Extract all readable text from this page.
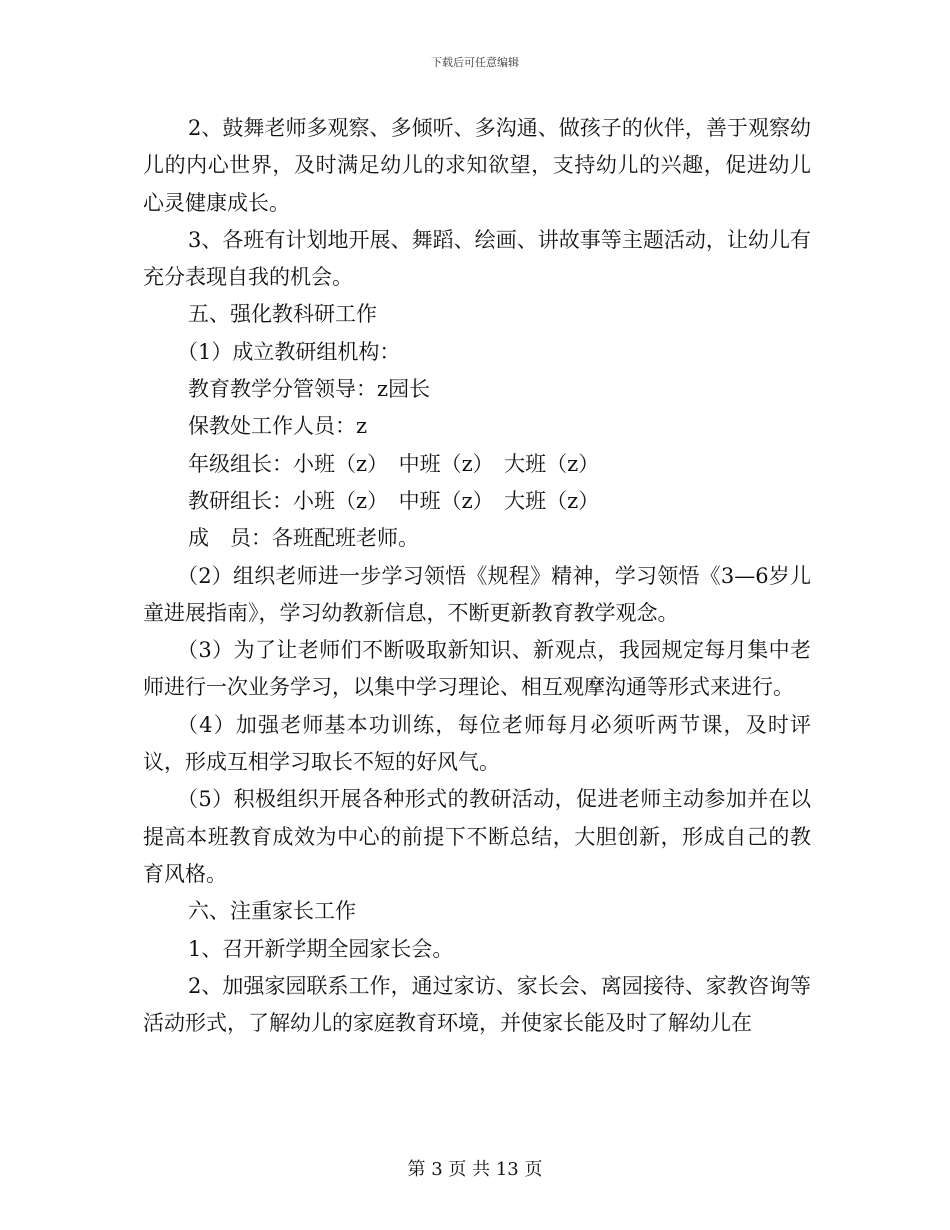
下载后可任意编辑

2、鼓舞老师多观察、多倾听、多沟通、做孩子的伙伴，善于观察幼儿的内心世界，及时满足幼儿的求知欲望，支持幼儿的兴趣，促进幼儿心灵健康成长。

3、各班有计划地开展、舞蹈、绘画、讲故事等主题活动，让幼儿有充分表现自我的机会。

五、强化教科研工作

（1）成立教研组机构：

教育教学分管领导：z园长

保教处工作人员：z

年级组长：小班（z）　中班（z）　大班（z）

教研组长：小班（z）　中班（z）　大班（z）

成　员：各班配班老师。

（2）组织老师进一步学习领悟《规程》精神，学习领悟《3—6岁儿童进展指南》，学习幼教新信息，不断更新教育教学观念。

（3）为了让老师们不断吸取新知识、新观点，我园规定每月集中老师进行一次业务学习，以集中学习理论、相互观摩沟通等形式来进行。

（4）加强老师基本功训练，每位老师每月必须听两节课，及时评议，形成互相学习取长不短的好风气。

（5）积极组织开展各种形式的教研活动，促进老师主动参加并在以提高本班教育成效为中心的前提下不断总结，大胆创新，形成自己的教育风格。

六、注重家长工作

1、召开新学期全园家长会。

2、加强家园联系工作，通过家访、家长会、离园接待、家教咨询等活动形式，了解幼儿的家庭教育环境，并使家长能及时了解幼儿在

第 3 页 共 13 页
